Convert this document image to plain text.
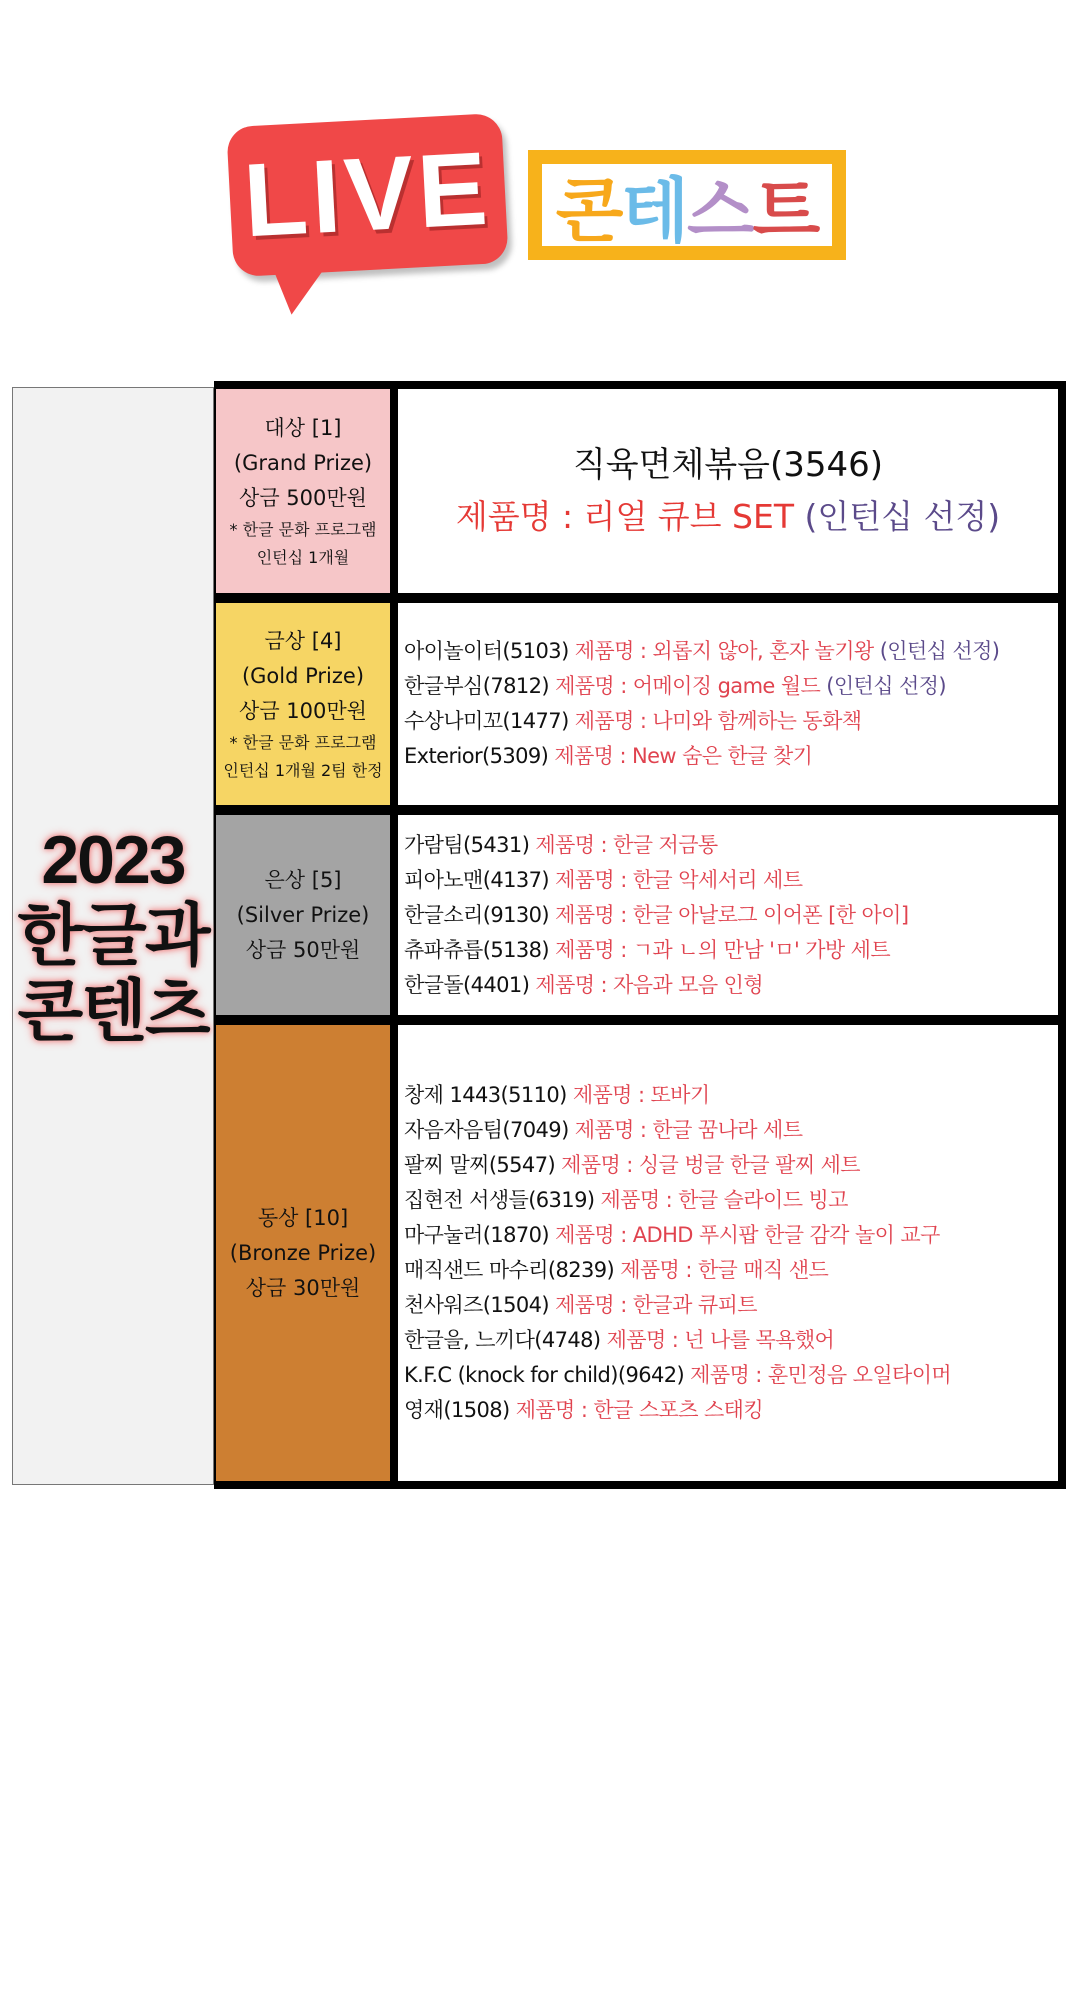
LIVE 콘 테 스 트
2023
한글과
콘텐츠
대상 [1]
(Grand Prize)
상금 500만원
* 한글 문화 프로그램
인턴십 1개월
직육면체볶음(3546)
제품명 : 리얼 큐브 SET (인턴십 선정)
금상 [4]
(Gold Prize)
상금 100만원
* 한글 문화 프로그램
인턴십 1개월 2팀 한정
아이놀이터(5103) 제품명 : 외롭지 않아, 혼자 놀기왕 (인턴십 선정)
한글부심(7812) 제품명 : 어메이징 game 월드 (인턴십 선정)
수상나미꼬(1477) 제품명 : 나미와 함께하는 동화책
Exterior(5309) 제품명 : New 숨은 한글 찾기
은상 [5]
(Silver Prize)
상금 50만원
가람팀(5431) 제품명 : 한글 저금통
피아노맨(4137) 제품명 : 한글 악세서리 세트
한글소리(9130) 제품명 : 한글 아날로그 이어폰 [한 아이]
츄파츄릅(5138) 제품명 : ㄱ과 ㄴ의 만남 'ㅁ' 가방 세트
한글돌(4401) 제품명 : 자음과 모음 인형
동상 [10]
(Bronze Prize)
상금 30만원
창제 1443(5110) 제품명 : 또바기
자음자음팀(7049) 제품명 : 한글 꿈나라 세트
팔찌 말찌(5547) 제품명 : 싱글 벙글 한글 팔찌 세트
집현전 서생들(6319) 제품명 : 한글 슬라이드 빙고
마구눌러(1870) 제품명 : ADHD 푸시팝 한글 감각 놀이 교구
매직샌드 마수리(8239) 제품명 : 한글 매직 샌드
천사워즈(1504) 제품명 : 한글과 큐피트
한글을, 느끼다(4748) 제품명 : 넌 나를 목욕했어
K.F.C (knock for child)(9642) 제품명 : 훈민정음 오일타이머
영재(1508) 제품명 : 한글 스포츠 스태킹
